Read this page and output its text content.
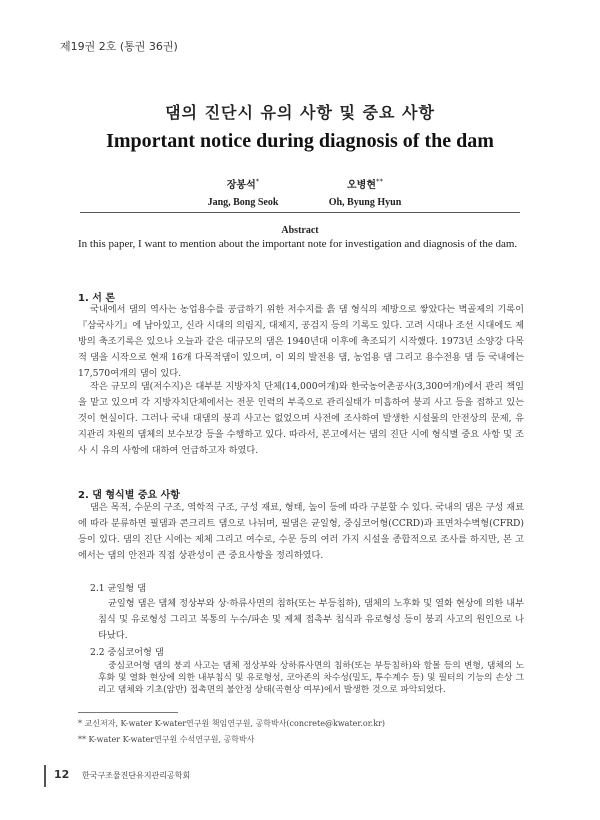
제19권 2호 (통권 36권)
댐의 진단시 유의 사항 및 중요 사항
Important notice during diagnosis of the dam
장봉석*
Jang, Bong Seok
오병현**
Oh, Byung Hyun
Abstract
In this paper, I want to mention about the important note for investigation and diagnosis of the dam.
1. 서 론
국내에서 댐의 역사는 농업용수를 공급하기 위한 저수지를 흙 댐 형식의 제방으로 쌓았다는 벽골제의 기록이 『삼국사기』에 남아있고, 신라 시대의 의림지, 대제지, 공검지 등의 기록도 있다. 고려 시대나 조선 시대에도 제방의 축조기록은 있으나 오늘과 같은 대규모의 댐은 1940년대 이후에 축조되기 시작했다. 1973년 소양강 다목적 댐을 시작으로 현재 16개 다목적댐이 있으며, 이 외의 발전용 댐, 농업용 댐 그리고 용수전용 댐 등 국내에는 17,570여개의 댐이 있다.
작은 규모의 댐(저수지)은 대부분 지방자치 단체(14,000여개)와 한국농어촌공사(3,300여개)에서 관리 책임을 맡고 있으며 각 지방자치단체에서는 전문 인력의 부족으로 관리실태가 미흡하여 붕괴 사고 등을 접하고 있는 것이 현실이다. 그러나 국내 대댐의 붕괴 사고는 없었으며 사전에 조사하여 발생한 시설물의 안전상의 문제, 유지관리 차원의 댐체의 보수보강 등을 수행하고 있다. 따라서, 본고에서는 댐의 진단 시에 형식별 중요 사항 및 조사 시 유의 사항에 대하여 언급하고자 하였다.
2. 댐 형식별 중요 사항
댐은 목적, 수문의 구조, 역학적 구조, 구성 재료, 형태, 높이 등에 따라 구분할 수 있다. 국내의 댐은 구성 재료에 따라 분류하면 필댐과 콘크리트 댐으로 나뉘며, 필댐은 균일형, 중심코어형(CCRD)과 표면차수벽형(CFRD) 등이 있다. 댐의 진단 시에는 제체 그리고 여수로, 수문 등의 여러 가지 시설을 종합적으로 조사를 하지만, 본 고에서는 댐의 안전과 직접 상관성이 큰 중요사항을 정리하였다.
2.1 균일형 댐
균일형 댐은 댐체 정상부와 상·하류사면의 침하(또는 부등침하), 댐체의 노후화 및 열화 현상에 의한 내부 침식 및 유로형성 그리고 복통의 누수/파손 및 제체 접촉부 침식과 유로형성 등이 붕괴 사고의 원인으로 나타났다.
2.2 중심코어형 댐
중심코어형 댐의 붕괴 사고는 댐체 정상부와 상하류사면의 침하(또는 부등침하)와 함몰 등의 변형, 댐체의 노후화 및 열화 현상에 의한 내부침식 및 유로형성, 코아존의 차수성(밀도, 투수계수 등) 및 필터의 기능의 손상 그리고 댐체와 기초(암반) 접촉면의 불안정 상태(곡현상 여부)에서 발생한 것으로 파악되었다.
* 교신저자, K-water K-water연구원 책임연구원, 공학박사(concrete@kwater.or.kr)
** K-water K-water연구원 수석연구원, 공학박사
12 한국구조물진단유지관리공학회
